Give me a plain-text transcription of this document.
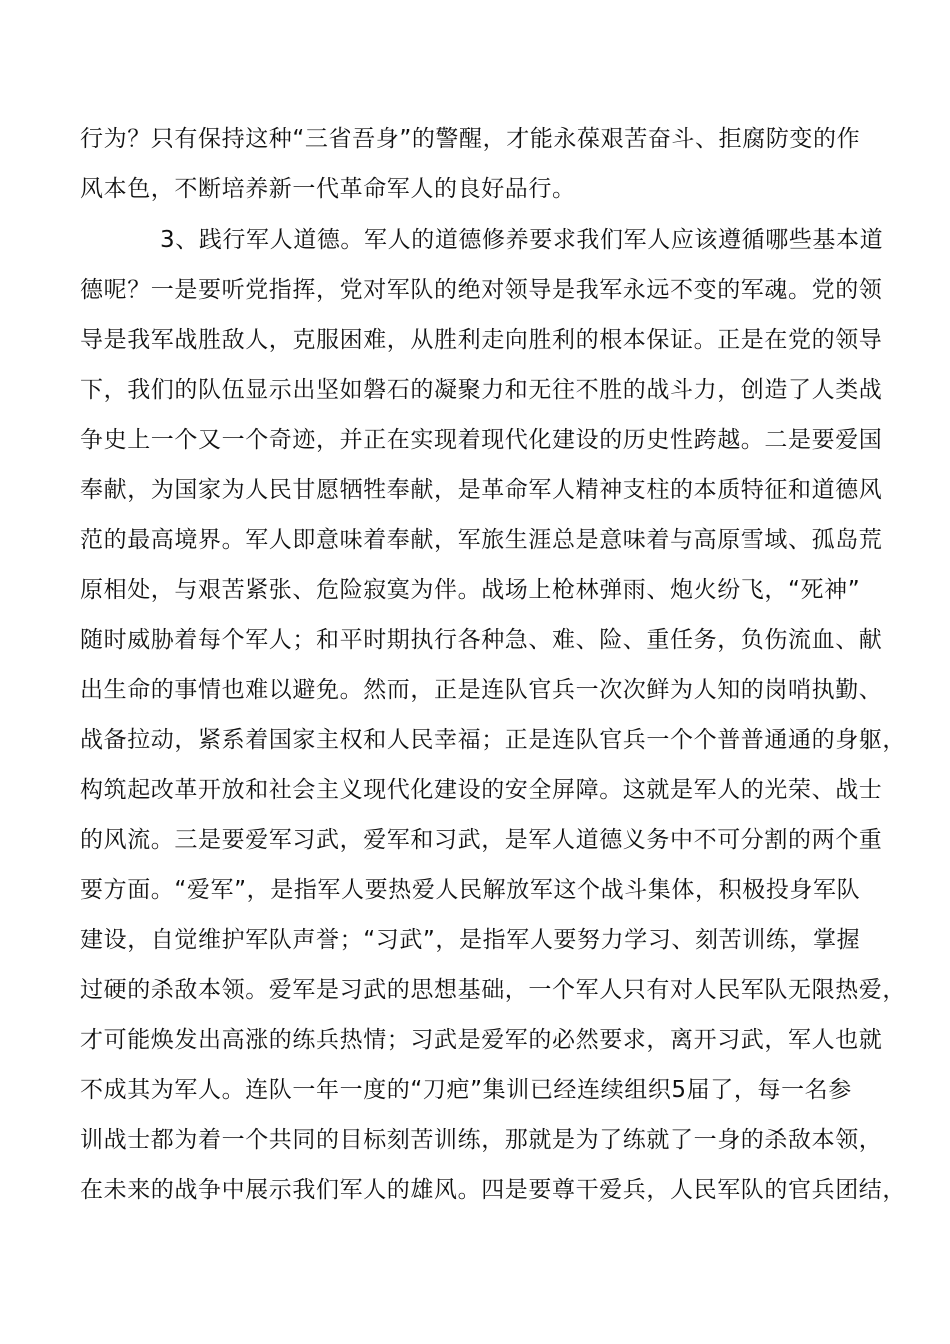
行为？只有保持这种“三省吾身”的警醒，才能永葆艰苦奋斗、拒腐防变的作
风本色，不断培养新一代革命军人的良好品行。
3、践行军人道德。军人的道德修养要求我们军人应该遵循哪些基本道
德呢？一是要听党指挥，党对军队的绝对领导是我军永远不变的军魂。党的领
导是我军战胜敌人，克服困难，从胜利走向胜利的根本保证。正是在党的领导
下，我们的队伍显示出坚如磐石的凝聚力和无往不胜的战斗力，创造了人类战
争史上一个又一个奇迹，并正在实现着现代化建设的历史性跨越。二是要爱国
奉献，为国家为人民甘愿牺牲奉献，是革命军人精神支柱的本质特征和道德风
范的最高境界。军人即意味着奉献，军旅生涯总是意味着与高原雪域、孤岛荒
原相处，与艰苦紧张、危险寂寞为伴。战场上枪林弹雨、炮火纷飞，“死神”
随时威胁着每个军人；和平时期执行各种急、难、险、重任务，负伤流血、献
出生命的事情也难以避免。然而，正是连队官兵一次次鲜为人知的岗哨执勤、
战备拉动，紧系着国家主权和人民幸福；正是连队官兵一个个普普通通的身躯，
构筑起改革开放和社会主义现代化建设的安全屏障。这就是军人的光荣、战士
的风流。三是要爱军习武，爱军和习武，是军人道德义务中不可分割的两个重
要方面。“爱军”，是指军人要热爱人民解放军这个战斗集体，积极投身军队
建设，自觉维护军队声誉；“习武”，是指军人要努力学习、刻苦训练，掌握
过硬的杀敌本领。爱军是习武的思想基础，一个军人只有对人民军队无限热爱，
才可能焕发出高涨的练兵热情；习武是爱军的必然要求，离开习武，军人也就
不成其为军人。连队一年一度的“刀疤”集训已经连续组织5届了，每一名参
训战士都为着一个共同的目标刻苦训练，那就是为了练就了一身的杀敌本领，
在未来的战争中展示我们军人的雄风。四是要尊干爱兵，人民军队的官兵团结，
